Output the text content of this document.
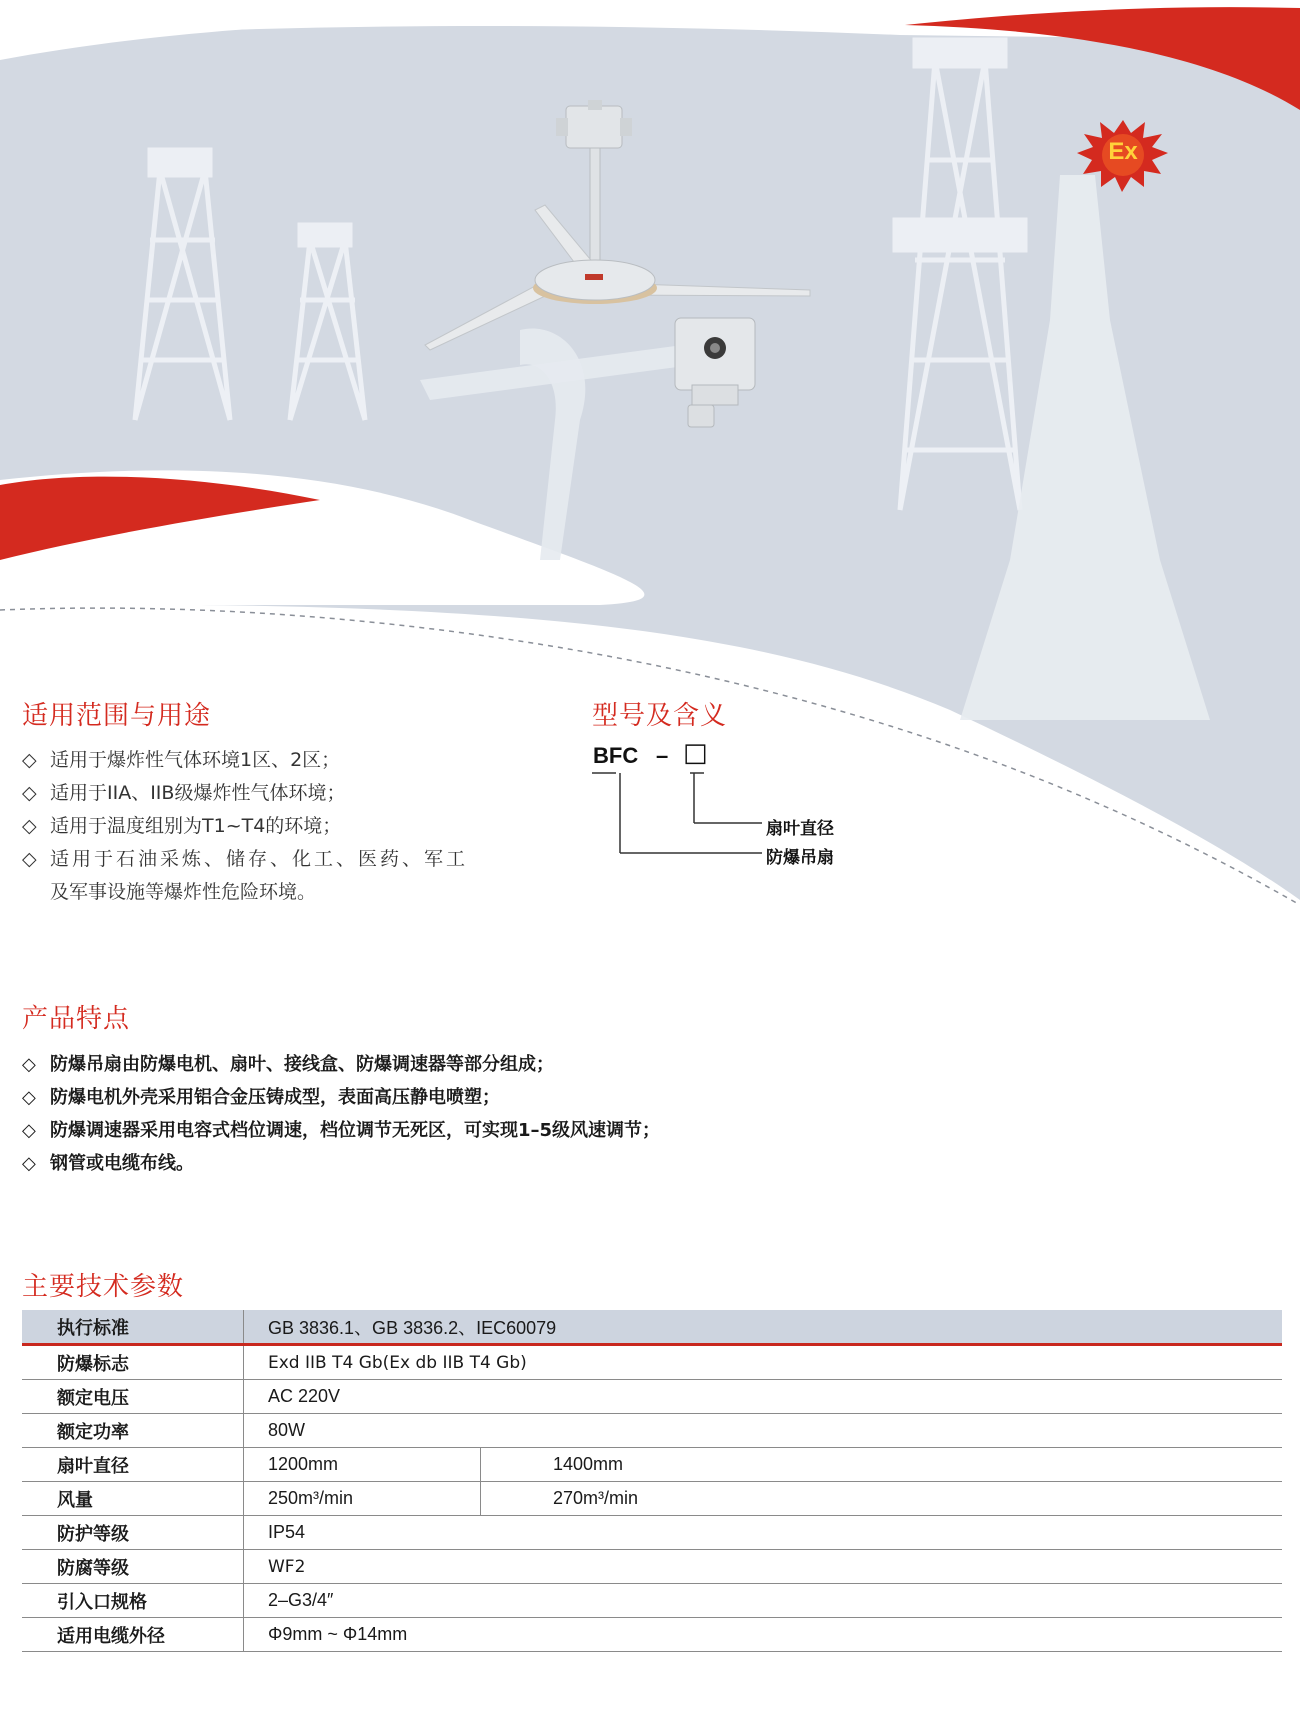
Ex
适用范围与用途
◇ 适用于爆炸性气体环境1区、2区；
◇ 适用于IIA、IIB级爆炸性气体环境；
◇ 适用于温度组别为T1~T4的环境；
◇ 适用于石油采炼、储存、化工、医药、军工
及军事设施等爆炸性危险环境。
型号及含义
BFC – □
扇叶直径
防爆吊扇
产品特点
◇ 防爆吊扇由防爆电机、扇叶、接线盒、防爆调速器等部分组成；
◇ 防爆电机外壳采用铝合金压铸成型，表面高压静电喷塑；
◇ 防爆调速器采用电容式档位调速，档位调节无死区，可实现1–5级风速调节；
◇ 钢管或电缆布线。
主要技术参数
执行标准	GB 3836.1、GB 3836.2、IEC60079	
防爆标志	Exd IIB T4 Gb(Ex db IIB T4 Gb)	
额定电压	AC 220V	
额定功率	80W	
扇叶直径	1200mm	1400mm
风量	250m³/min	270m³/min
防护等级	IP54	
防腐等级	WF2	
引入口规格	2–G3/4″	
适用电缆外径	Φ9mm ~ Φ14mm	
